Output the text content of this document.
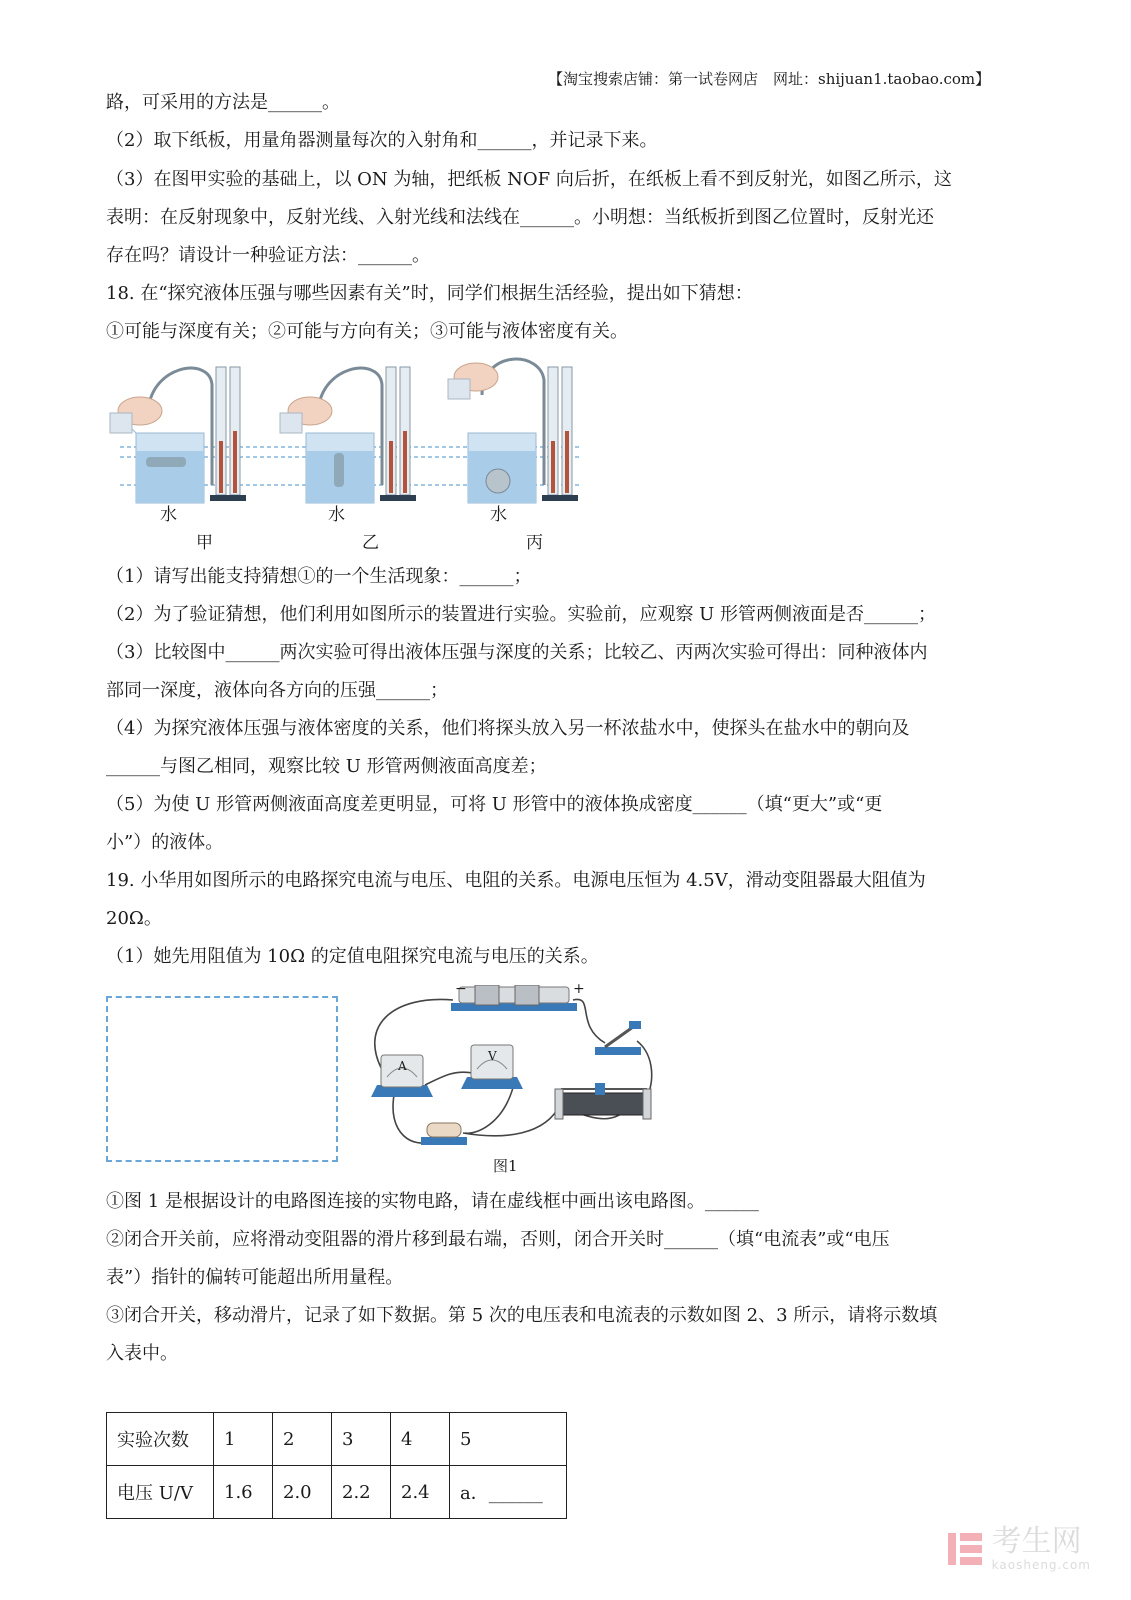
【淘宝搜索店铺：第一试卷网店　网址：shijuan1.taobao.com】
路，可采用的方法是______。
（2）取下纸板，用量角器测量每次的入射角和______，并记录下来。
（3）在图甲实验的基础上，以 ON 为轴，把纸板 NOF 向后折，在纸板上看不到反射光，如图乙所示，这
表明：在反射现象中，反射光线、入射光线和法线在______。小明想：当纸板折到图乙位置时，反射光还
存在吗？请设计一种验证方法：______。
18. 在“探究液体压强与哪些因素有关”时，同学们根据生活经验，提出如下猜想：
①可能与深度有关；②可能与方向有关；③可能与液体密度有关。
水	水	水
甲	乙	丙
（1）请写出能支持猜想①的一个生活现象：______；
（2）为了验证猜想，他们利用如图所示的装置进行实验。实验前，应观察 U 形管两侧液面是否______；
（3）比较图中______两次实验可得出液体压强与深度的关系；比较乙、丙两次实验可得出：同种液体内
部同一深度，液体向各方向的压强______；
（4）为探究液体压强与液体密度的关系，他们将探头放入另一杯浓盐水中，使探头在盐水中的朝向及
______与图乙相同，观察比较 U 形管两侧液面高度差；
（5）为使 U 形管两侧液面高度差更明显，可将 U 形管中的液体换成密度______（填“更大”或“更
小”）的液体。
19. 小华用如图所示的电路探究电流与电压、电阻的关系。电源电压恒为 4.5V，滑动变阻器最大阻值为
20Ω。
（1）她先用阻值为 10Ω 的定值电阻探究电流与电压的关系。
−	+
A
V
图1
①图 1 是根据设计的电路图连接的实物电路，请在虚线框中画出该电路图。______
②闭合开关前，应将滑动变阻器的滑片移到最右端，否则，闭合开关时______（填“电流表”或“电压
表”）指针的偏转可能超出所用量程。
③闭合开关，移动滑片，记录了如下数据。第 5 次的电压表和电流表的示数如图 2、3 所示，请将示数填
入表中。
实验次数	1	2	3	4	5
电压 U/V	1.6	2.0	2.2	2.4	a．______
考生网
kaosheng.com
